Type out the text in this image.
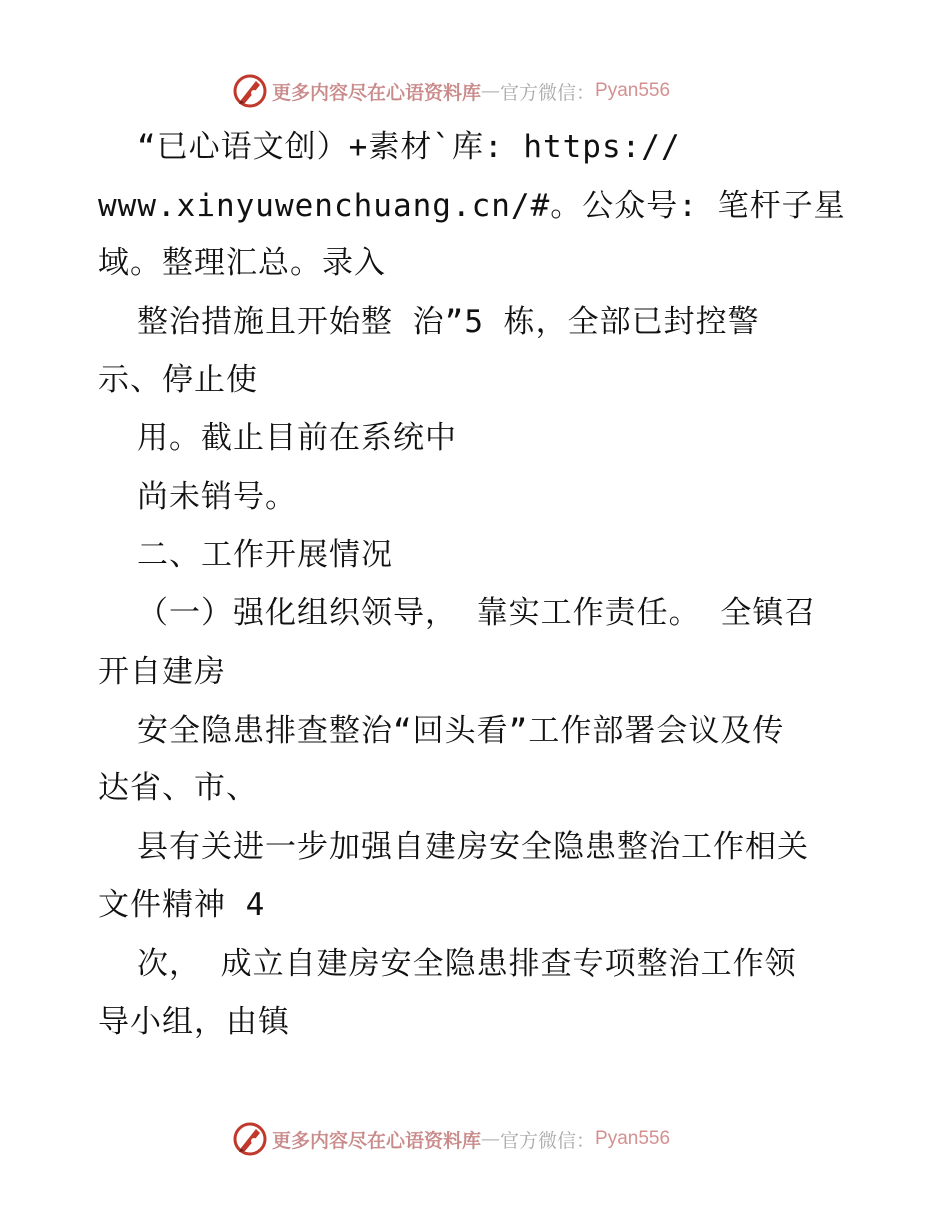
更多内容尽在心语资料库 — 官方微信： Pyan556
“已心语文创）+素材`库: https://
www.xinyuwenchuang.cn/#。公众号: 笔杆子星
域。整理汇总。录入
整治措施且开始整 治”5 栋，全部已封控警
示、停止使
用。截止目前在系统中
尚未销号。
二、工作开展情况
（一）强化组织领导， 靠实工作责任。 全镇召
开自建房
安全隐患排查整治“回头看”工作部署会议及传
达省、市、
县有关进一步加强自建房安全隐患整治工作相关
文件精神 4
次， 成立自建房安全隐患排查专项整治工作领
导小组，由镇
更多内容尽在心语资料库 — 官方微信： Pyan556
